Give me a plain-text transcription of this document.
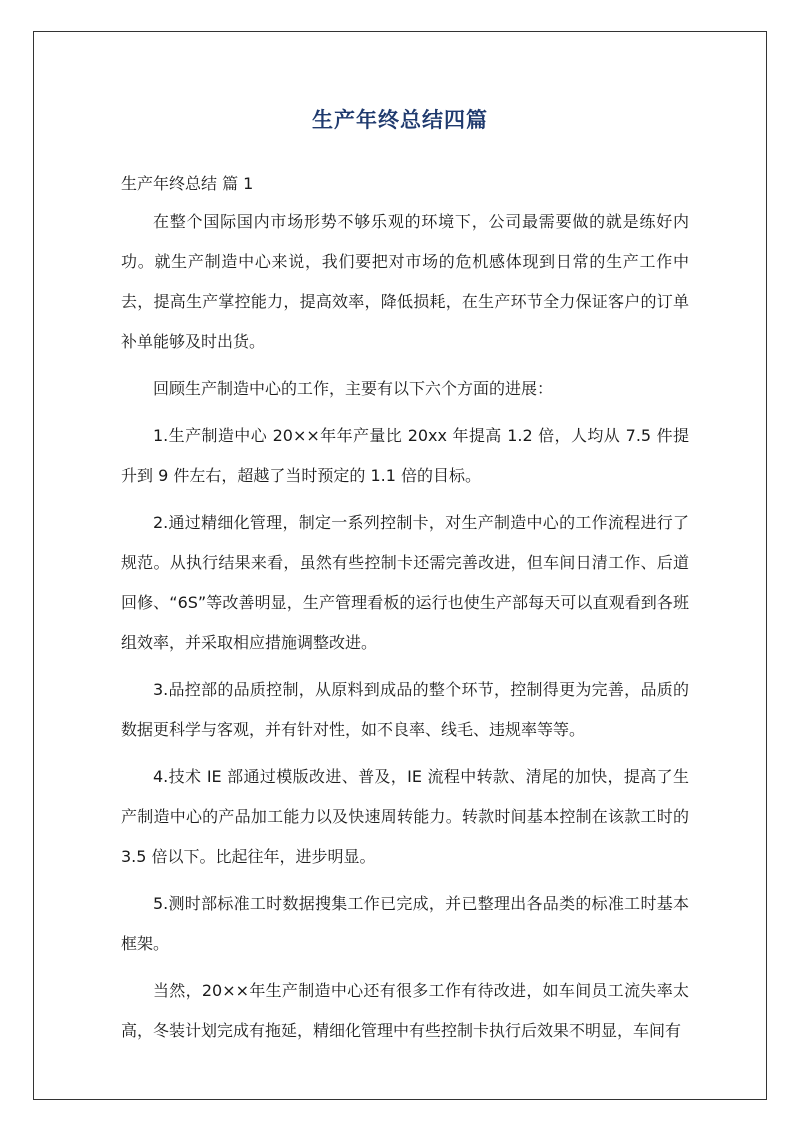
生产年终总结四篇
生产年终总结 篇 1

在整个国际国内市场形势不够乐观的环境下，公司最需要做的就是练好内功。就生产制造中心来说，我们要把对市场的危机感体现到日常的生产工作中去，提高生产掌控能力，提高效率，降低损耗，在生产环节全力保证客户的订单补单能够及时出货。

回顾生产制造中心的工作，主要有以下六个方面的进展：

1.生产制造中心 20××年年产量比 20xx 年提高 1.2 倍，人均从 7.5 件提升到 9 件左右，超越了当时预定的 1.1 倍的目标。

2.通过精细化管理，制定一系列控制卡，对生产制造中心的工作流程进行了规范。从执行结果来看，虽然有些控制卡还需完善改进，但车间日清工作、后道回修、“6S”等改善明显，生产管理看板的运行也使生产部每天可以直观看到各班组效率，并采取相应措施调整改进。

3.品控部的品质控制，从原料到成品的整个环节，控制得更为完善，品质的数据更科学与客观，并有针对性，如不良率、线毛、违规率等等。

4.技术 IE 部通过模版改进、普及，IE 流程中转款、清尾的加快，提高了生产制造中心的产品加工能力以及快速周转能力。转款时间基本控制在该款工时的 3.5 倍以下。比起往年，进步明显。

5.测时部标准工时数据搜集工作已完成，并已整理出各品类的标准工时基本框架。

当然，20××年生产制造中心还有很多工作有待改进，如车间员工流失率太高，冬装计划完成有拖延，精细化管理中有些控制卡执行后效果不明显，车间有
